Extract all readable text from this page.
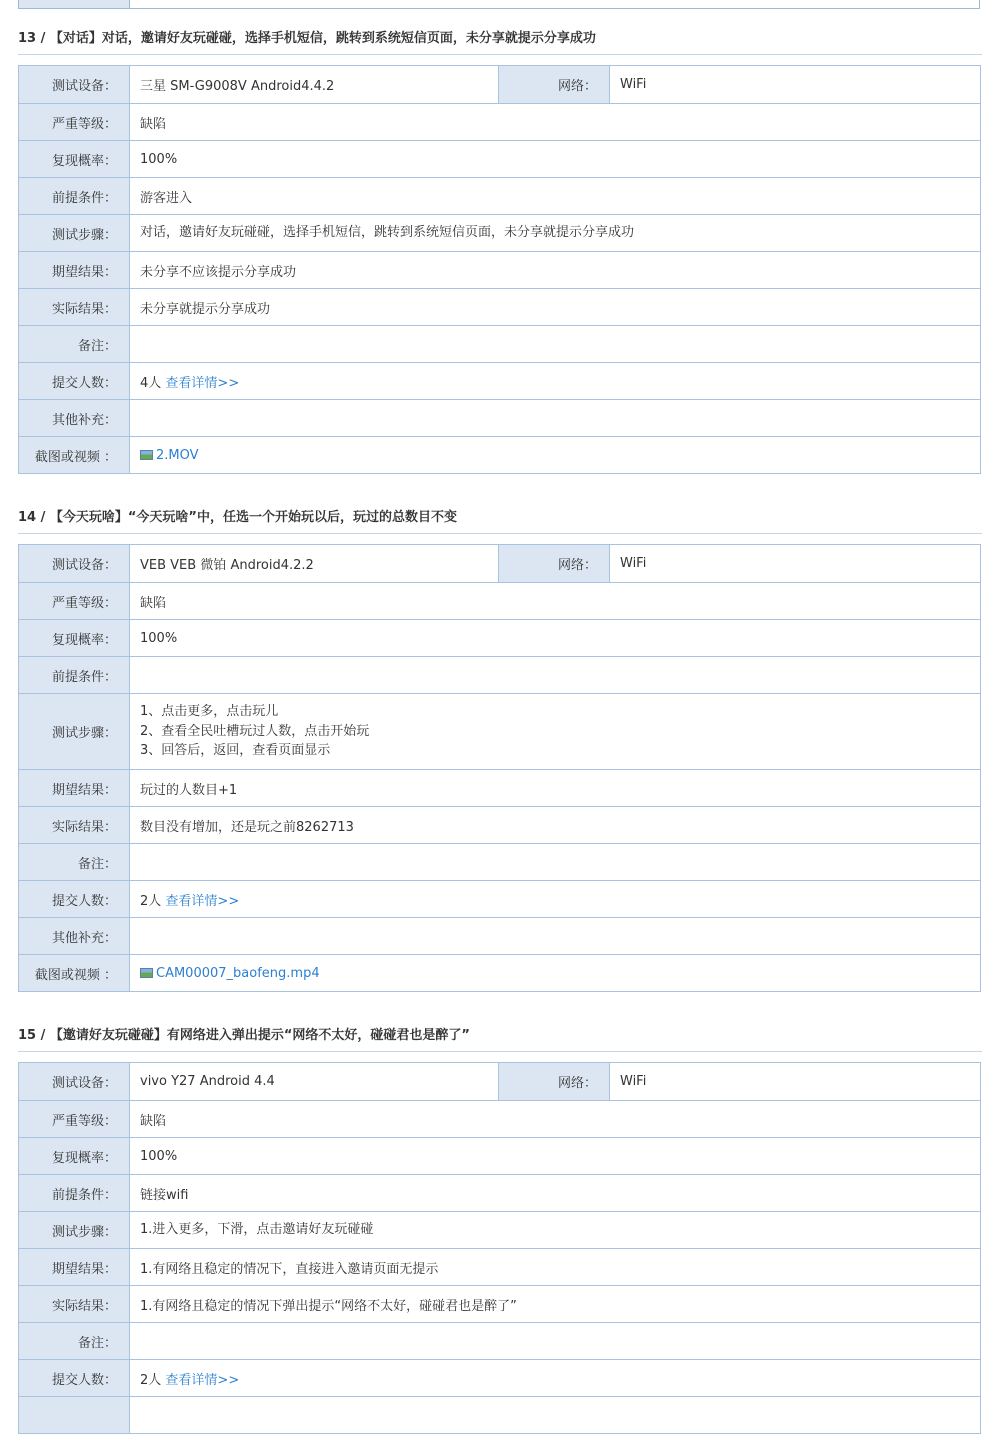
13 / 【对话】对话，邀请好友玩碰碰，选择手机短信，跳转到系统短信页面，未分享就提示分享成功
测试设备：	三星 SM-G9008V Android4.4.2	网络：	WiFi
严重等级：	缺陷		
复现概率：	100%		
前提条件：	游客进入		
测试步骤：	对话，邀请好友玩碰碰，选择手机短信，跳转到系统短信页面，未分享就提示分享成功		

期望结果：	未分享不应该提示分享成功		
实际结果：	未分享就提示分享成功		
备注：			
提交人数：	4人 查看详情>>		
其他补充：			
截图或视频 ：	2.MOV		
14 / 【今天玩啥】“今天玩啥”中，任选一个开始玩以后，玩过的总数目不变
测试设备：	VEB VEB 微铂 Android4.2.2	网络：	WiFi
严重等级：	缺陷		
复现概率：	100%		
前提条件：			
测试步骤：	1、点击更多，点击玩儿
2、查看全民吐槽玩过人数，点击开始玩
3、回答后，返回，查看页面显示		

期望结果：	玩过的人数目+1		
实际结果：	数目没有增加，还是玩之前8262713		
备注：			
提交人数：	2人 查看详情>>		
其他补充：			
截图或视频 ：	CAM00007_baofeng.mp4		
15 / 【邀请好友玩碰碰】有网络进入弹出提示“网络不太好，碰碰君也是醉了”
测试设备：	vivo Y27 Android 4.4	网络：	WiFi
严重等级：	缺陷		
复现概率：	100%		
前提条件：	链接wifi		
测试步骤：	1.进入更多，下滑，点击邀请好友玩碰碰		

期望结果：	1.有网络且稳定的情况下，直接进入邀请页面无提示		
实际结果：	1.有网络且稳定的情况下弹出提示“网络不太好，碰碰君也是醉了”		
备注：			
提交人数：	2人 查看详情>>		
